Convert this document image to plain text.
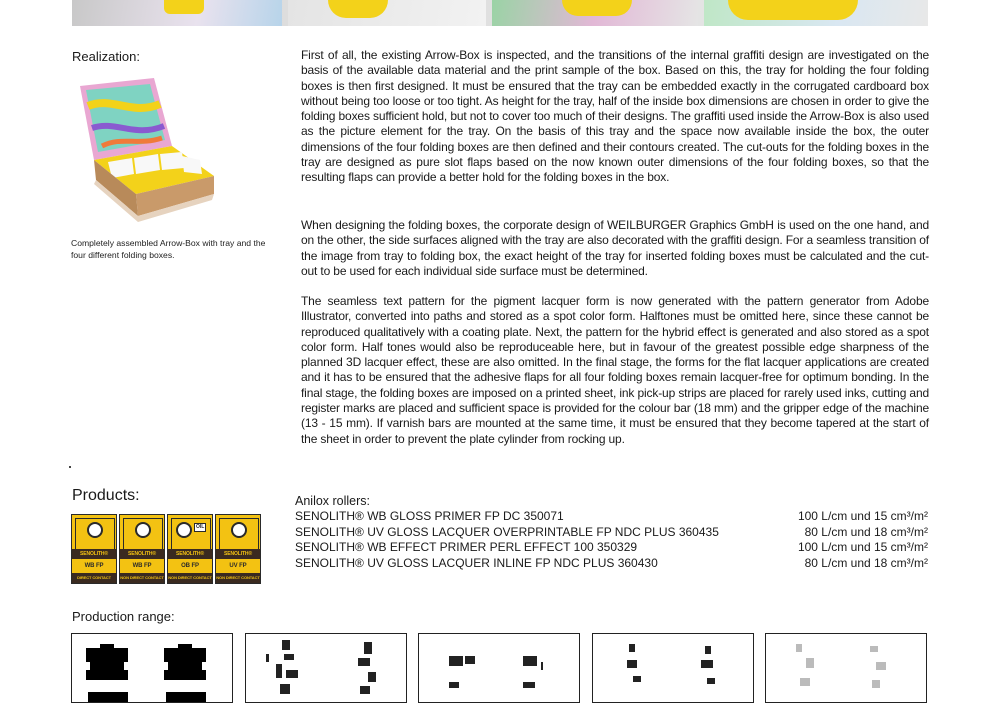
Realization:
Completely assembled Arrow-Box with tray and the four different folding boxes.
First of all, the existing Arrow-Box is inspected, and the transitions of the internal graffiti design are investigated on the basis of the available data material and the print sample of the box. Based on this, the tray for holding the four folding boxes is then first designed. It must be ensured that the tray can be embedded exactly in the corrugated cardboard box without being too loose or too tight. As height for the tray, half of the inside box dimensions are chosen in order to give the folding boxes sufficient hold, but not to cover too much of their designs. The graffiti used inside the Arrow-Box is also used as the picture element for the tray. On the basis of this tray and the space now available inside the box, the outer dimensions of the four folding boxes are then defined and their contours created. The cut-outs for the folding boxes in the tray are designed as pure slot flaps based on the now known outer dimensions of the four folding boxes, so that the resulting flaps can provide a better hold for the folding boxes in the box.
When designing the folding boxes, the corporate design of WEILBURGER Graphics GmbH is used on the one hand, and on the other, the side surfaces aligned with the tray are also decorated with the graffiti design. For a seamless transition of the image from tray to folding box, the exact height of the tray for inserted folding boxes must be calculated and the cut-out to be used for each individual side surface must be determined.
The seamless text pattern for the pigment lacquer form is now generated with the pattern generator from Adobe Illustrator, converted into paths and stored as a spot color form. Halftones must be omitted here, since these cannot be reproduced qualitatively with a coating plate. Next, the pattern for the hybrid effect is generated and also stored as a spot color form. Half tones would also be reproduceable here, but in favour of the greatest possible edge sharpness of the planned 3D lacquer effect, these are also omitted. In the final stage, the forms for the flat lacquer applications are created and it has to be ensured that the adhesive flaps for all four folding boxes remain lacquer-free for optimum bonding. In the final stage, the folding boxes are imposed on a printed sheet, ink pick-up strips are placed for rarely used inks, cutting and register marks are placed and sufficient space is provided for the colour bar (18 mm) and the gripper edge of the machine (13 - 15 mm). If varnish bars are mounted at the same time, it must be ensured that they become tapered at the start of the sheet in order to prevent the plate cylinder from rocking up.
Products:
SENOLITH®
WB FP
DIRECT CONTACT
SENOLITH®
WB FP
NON DIRECT CONTACT
OIL
SENOLITH®
OB FP
NON DIRECT CONTACT
SENOLITH®
UV FP
NON DIRECT CONTACT
Anilox rollers:
SENOLITH® WB GLOSS PRIMER FP DC 350071	100 L/cm und 15 cm³/m²
SENOLITH® UV GLOSS LACQUER OVERPRINTABLE FP NDC PLUS 360435	80 L/cm und 18 cm³/m²
SENOLITH® WB EFFECT PRIMER PERL EFFECT 100 350329	100 L/cm und 15 cm³/m²
SENOLITH® UV GLOSS LACQUER INLINE FP NDC PLUS 360430	80 L/cm und 18 cm³/m²
Production range:
